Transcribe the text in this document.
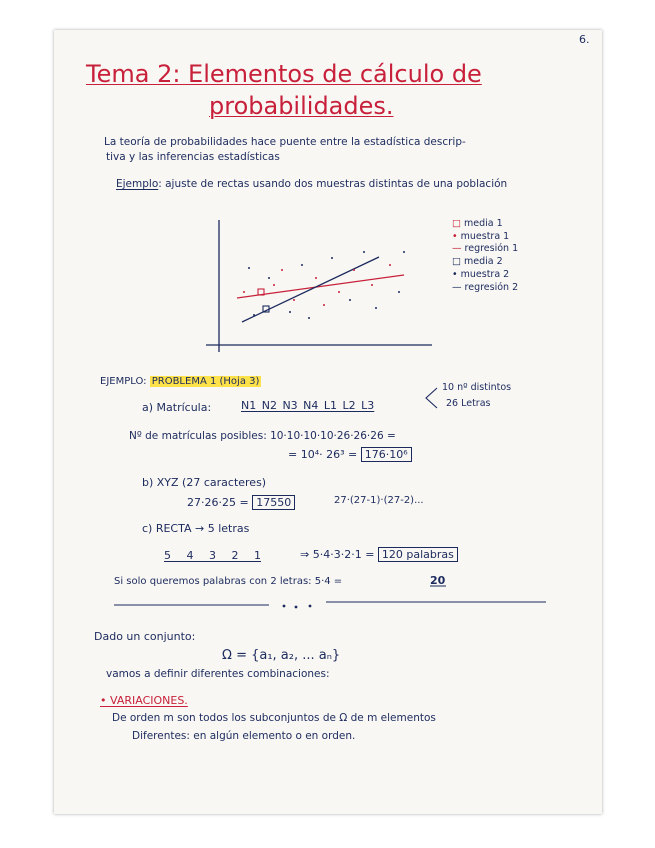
6.
Tema 2: Elementos de cálculo de
probabilidades.
La teoría de probabilidades hace puente entre la estadística descrip-
tiva y las inferencias estadísticas
Ejemplo: ajuste de rectas usando dos muestras distintas de una población
□ media 1
• muestra 1
— regresión 1
□ media 2
• muestra 2
— regresión 2
EJEMPLO: PROBLEMA 1 (Hoja 3)
a) Matrícula:	N1 N2 N3 N4 L1 L2 L3
10 nº distintos
26 Letras
Nº de matrículas posibles: 10·10·10·10·26·26·26 =
= 10⁴· 26³ = 176·10⁶
b) XYZ (27 caracteres)
27·26·25 = 17550	27·(27-1)·(27-2)...
c) RECTA → 5 letras
5 4 3 2 1	⇒ 5·4·3·2·1 = 120 palabras
Si solo queremos palabras con 2 letras: 5·4 =	20
Dado un conjunto:
Ω = {a₁, a₂, ... aₙ}
vamos a definir diferentes combinaciones:
• VARIACIONES.
De orden m son todos los subconjuntos de Ω de m elementos
Diferentes: en algún elemento o en orden.
